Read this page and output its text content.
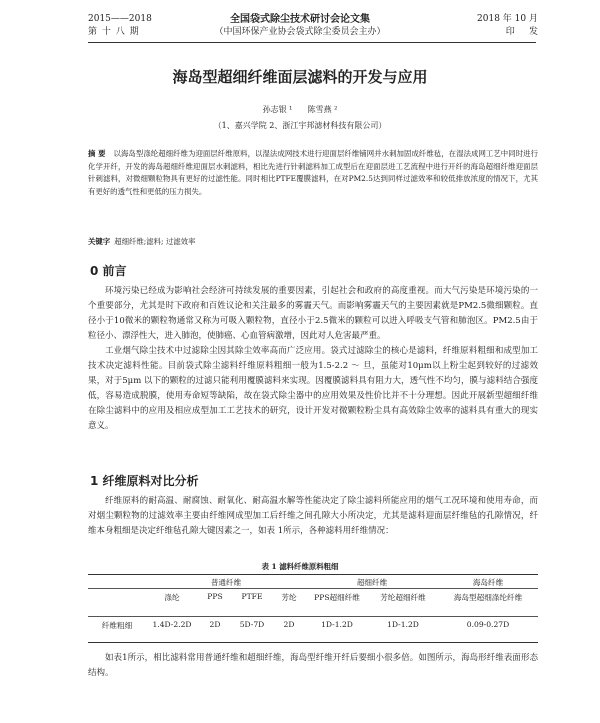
2015——2018
第 十 八 期
全国袋式除尘技术研讨会论文集
（中国环保产业协会袋式除尘委员会主办）
2018 年 10 月
印     发
海岛型超细纤维面层滤料的开发与应用
孙志银 ¹      陈雪燕 ²
（1、嘉兴学院 2、浙江宇邦滤材科技有限公司）
摘 要 以海岛型涤纶超细纤维为迎面层纤维原料，以湿法成网技术进行迎面层纤维铺网并水刺加固成纤维毡，在湿法成网工艺中同时进行化学开纤，开发的海岛超细纤维迎面层水刺滤料，相比先进行针刺滤料加工成型后在迎面层进工艺流程中进行开纤的海岛超细纤维迎面层针刺滤料，对微细颗粒物具有更好的过滤性能。同时相比PTFE覆膜滤料，在对PM2.5达到同样过滤效率和较低排放浓度的情况下，尤其有更好的透气性和更低的压力损失。
关键字 超细纤维;滤料; 过滤效率
0 前言

环境污染已经成为影响社会经济可持续发展的重要因素，引起社会和政府的高度重视。而大气污染是环境污染的一个重要部分，尤其是时下政府和百姓议论和关注最多的雾霾天气。而影响雾霾天气的主要因素就是PM2.5微细颗粒。直径小于10微米的颗粒物通常又称为可吸入颗粒物，直径小于2.5微米的颗粒可以进入呼吸支气管和肺泡区。PM2.5由于粒径小、漂浮性大，进入肺泡，使肺癌、心血管病激增，因此对人危害最严重。

工业烟气除尘技术中过滤除尘因其除尘效率高而广泛应用。袋式过滤除尘的核心是滤料，纤维原料粗细和成型加工技术决定滤料性能。目前袋式除尘滤料纤维原料粗细一般为1.5-2.2 ～ 旦，虽能对10μm以上粉尘起到较好的过滤效果，对于5μm 以下的颗粒的过滤只能利用覆膜滤料来实现。因覆膜滤料具有阻力大，透气性不均匀，膜与滤料结合强度低，容易造成脱膜，使用寿命短等缺陷，故在袋式除尘器中的应用效果及性价比并不十分理想。因此开展新型超细纤维在除尘滤料中的应用及相应成型加工工艺技术的研究，设计开发对微颗粒粉尘具有高效除尘效率的滤料具有重大的现实意义。

1 纤维原料对比分析

纤维原料的耐高温、耐腐蚀、耐氧化、耐高温水解等性能决定了除尘滤料所能应用的烟气工况环境和使用寿命，而对烟尘颗粒物的过滤效率主要由纤维网成型加工后纤维之间孔隙大小所决定，尤其是滤料迎面层纤维毡的孔隙情况，纤维本身粗细是决定纤维毡孔隙大键因素之一，如表 1所示，各种滤料用纤维情况：

表 1 滤料纤维原料粗细
	普通纤维				超细纤维		海岛纤维
	涤纶	PPS	PTFE	芳纶	PPS超细纤维	芳纶超细纤维	海岛型超细涤纶纤维
纤维粗细	1.4D-2.2D	2D	5D-7D	2D	1D-1.2D	1D-1.2D	0.09-0.27D

如表1所示，相比滤料常用普通纤维和超细纤维，海岛型纤维开纤后要细小很多倍。如图所示，海岛形纤维表面形态结构。
